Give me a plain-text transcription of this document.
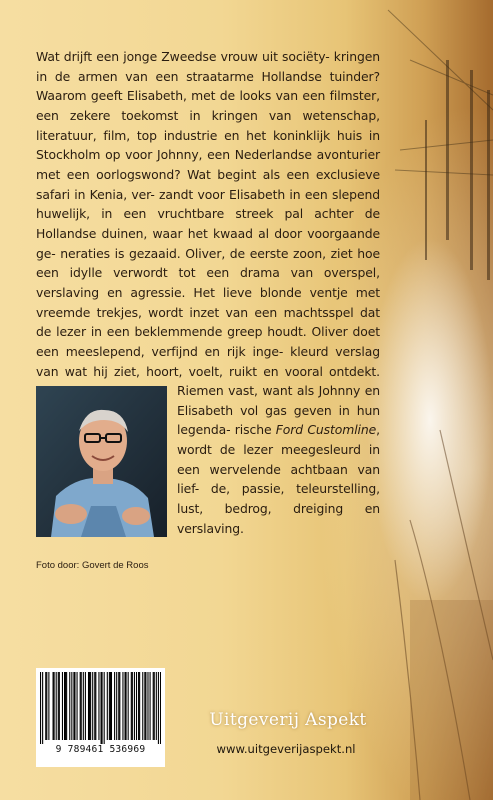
Wat drijft een jonge Zweedse vrouw uit sociëty- kringen in de armen van een straatarme Hollandse tuinder? Waarom geeft Elisabeth, met de looks van een filmster, een zekere toekomst in kringen van wetenschap, literatuur, film, top industrie en het koninklijk huis in Stockholm op voor Johnny, een Nederlandse avonturier met een oorlogswond? Wat begint als een exclusieve safari in Kenia, ver- zandt voor Elisabeth in een slepend huwelijk, in een vruchtbare streek pal achter de Hollandse duinen, waar het kwaad al door voorgaande ge- neraties is gezaaid. Oliver, de eerste zoon, ziet hoe een idylle verwordt tot een drama van overspel, verslaving en agressie. Het lieve blonde ventje met vreemde trekjes, wordt inzet van een machtsspel dat de lezer in een beklemmende greep houdt. Oliver doet een meeslepend, verfijnd en rijk inge- kleurd verslag van wat hij ziet, hoort, voelt, ruikt en vooral ontdekt. Riemen vast, want als Johnny en Elisabeth vol gas geven in hun legenda- rische Ford Customline, wordt de lezer meegesleurd in een wervelende achtbaan van lief- de, passie, teleurstelling, lust, bedrog, dreiging en verslaving.

Foto door: Govert de Roos
9 789461 536969
Uitgeverij Aspekt
www.uitgeverijaspekt.nl
